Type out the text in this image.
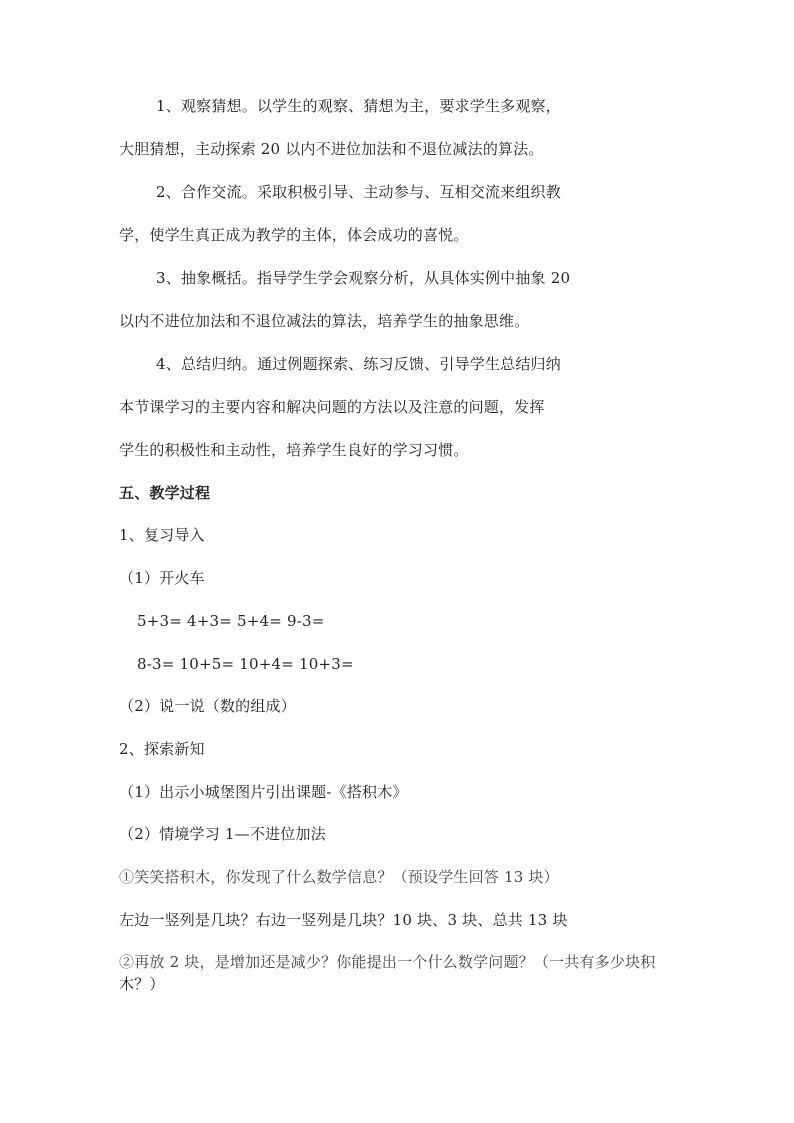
1、观察猜想。以学生的观察、猜想为主，要求学生多观察，
大胆猜想，主动探索 20 以内不进位加法和不退位减法的算法。
2、合作交流。采取积极引导、主动参与、互相交流来组织教
学，使学生真正成为教学的主体，体会成功的喜悦。
3、抽象概括。指导学生学会观察分析，从具体实例中抽象 20
以内不进位加法和不退位减法的算法，培养学生的抽象思维。
4、总结归纳。通过例题探索、练习反馈、引导学生总结归纳
本节课学习的主要内容和解决问题的方法以及注意的问题，发挥
学生的积极性和主动性，培养学生良好的学习习惯。
五、教学过程
1、复习导入
（1）开火车
5+3= 4+3= 5+4= 9-3=
8-3= 10+5= 10+4= 10+3=
（2）说一说（数的组成）
2、探索新知
（1）出示小城堡图片引出课题-《搭积木》
（2）情境学习 1—不进位加法
①笑笑搭积木，你发现了什么数学信息？（预设学生回答 13 块）
左边一竖列是几块？右边一竖列是几块？10 块、3 块、总共 13 块
②再放 2 块，是增加还是减少？你能提出一个什么数学问题？（一共有多少块积
木？）
